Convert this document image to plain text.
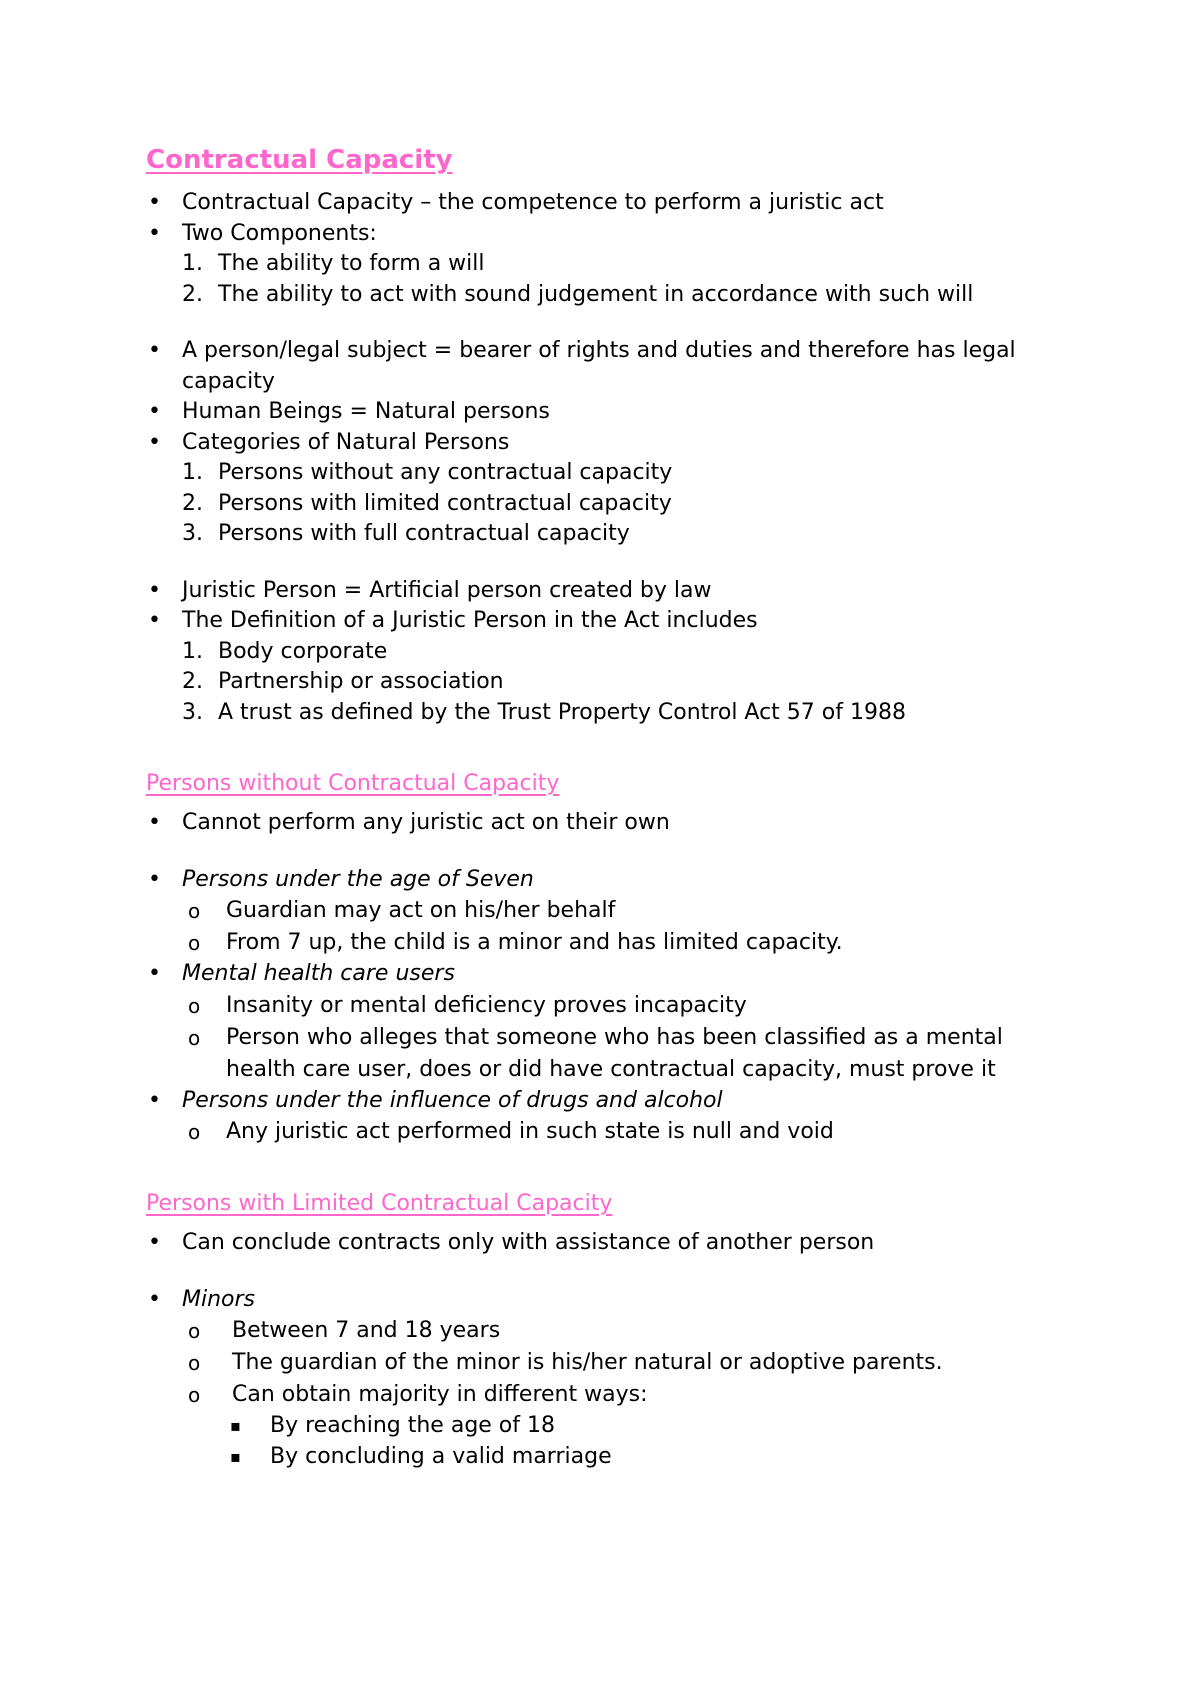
Contractual Capacity
• Contractual Capacity – the competence to perform a juristic act
• Two Components:
1. The ability to form a will
2. The ability to act with sound judgement in accordance with such will
• A person/legal subject = bearer of rights and duties and therefore has legal capacity
• Human Beings = Natural persons
• Categories of Natural Persons
1. Persons without any contractual capacity
2. Persons with limited contractual capacity
3. Persons with full contractual capacity
• Juristic Person = Artificial person created by law
• The Definition of a Juristic Person in the Act includes
1. Body corporate
2. Partnership or association
3. A trust as defined by the Trust Property Control Act 57 of 1988
Persons without Contractual Capacity
• Cannot perform any juristic act on their own
• Persons under the age of Seven
o	Guardian may act on his/her behalf
o	From 7 up, the child is a minor and has limited capacity.
• Mental health care users
o	Insanity or mental deficiency proves incapacity
o	Person who alleges that someone who has been classified as a mental health care user, does or did have contractual capacity, must prove it
• Persons under the influence of drugs and alcohol
o	Any juristic act performed in such state is null and void
Persons with Limited Contractual Capacity
• Can conclude contracts only with assistance of another person
• Minors
o	Between 7 and 18 years
o	The guardian of the minor is his/her natural or adoptive parents.
o	Can obtain majority in different ways:
▪	By reaching the age of 18
▪	By concluding a valid marriage
